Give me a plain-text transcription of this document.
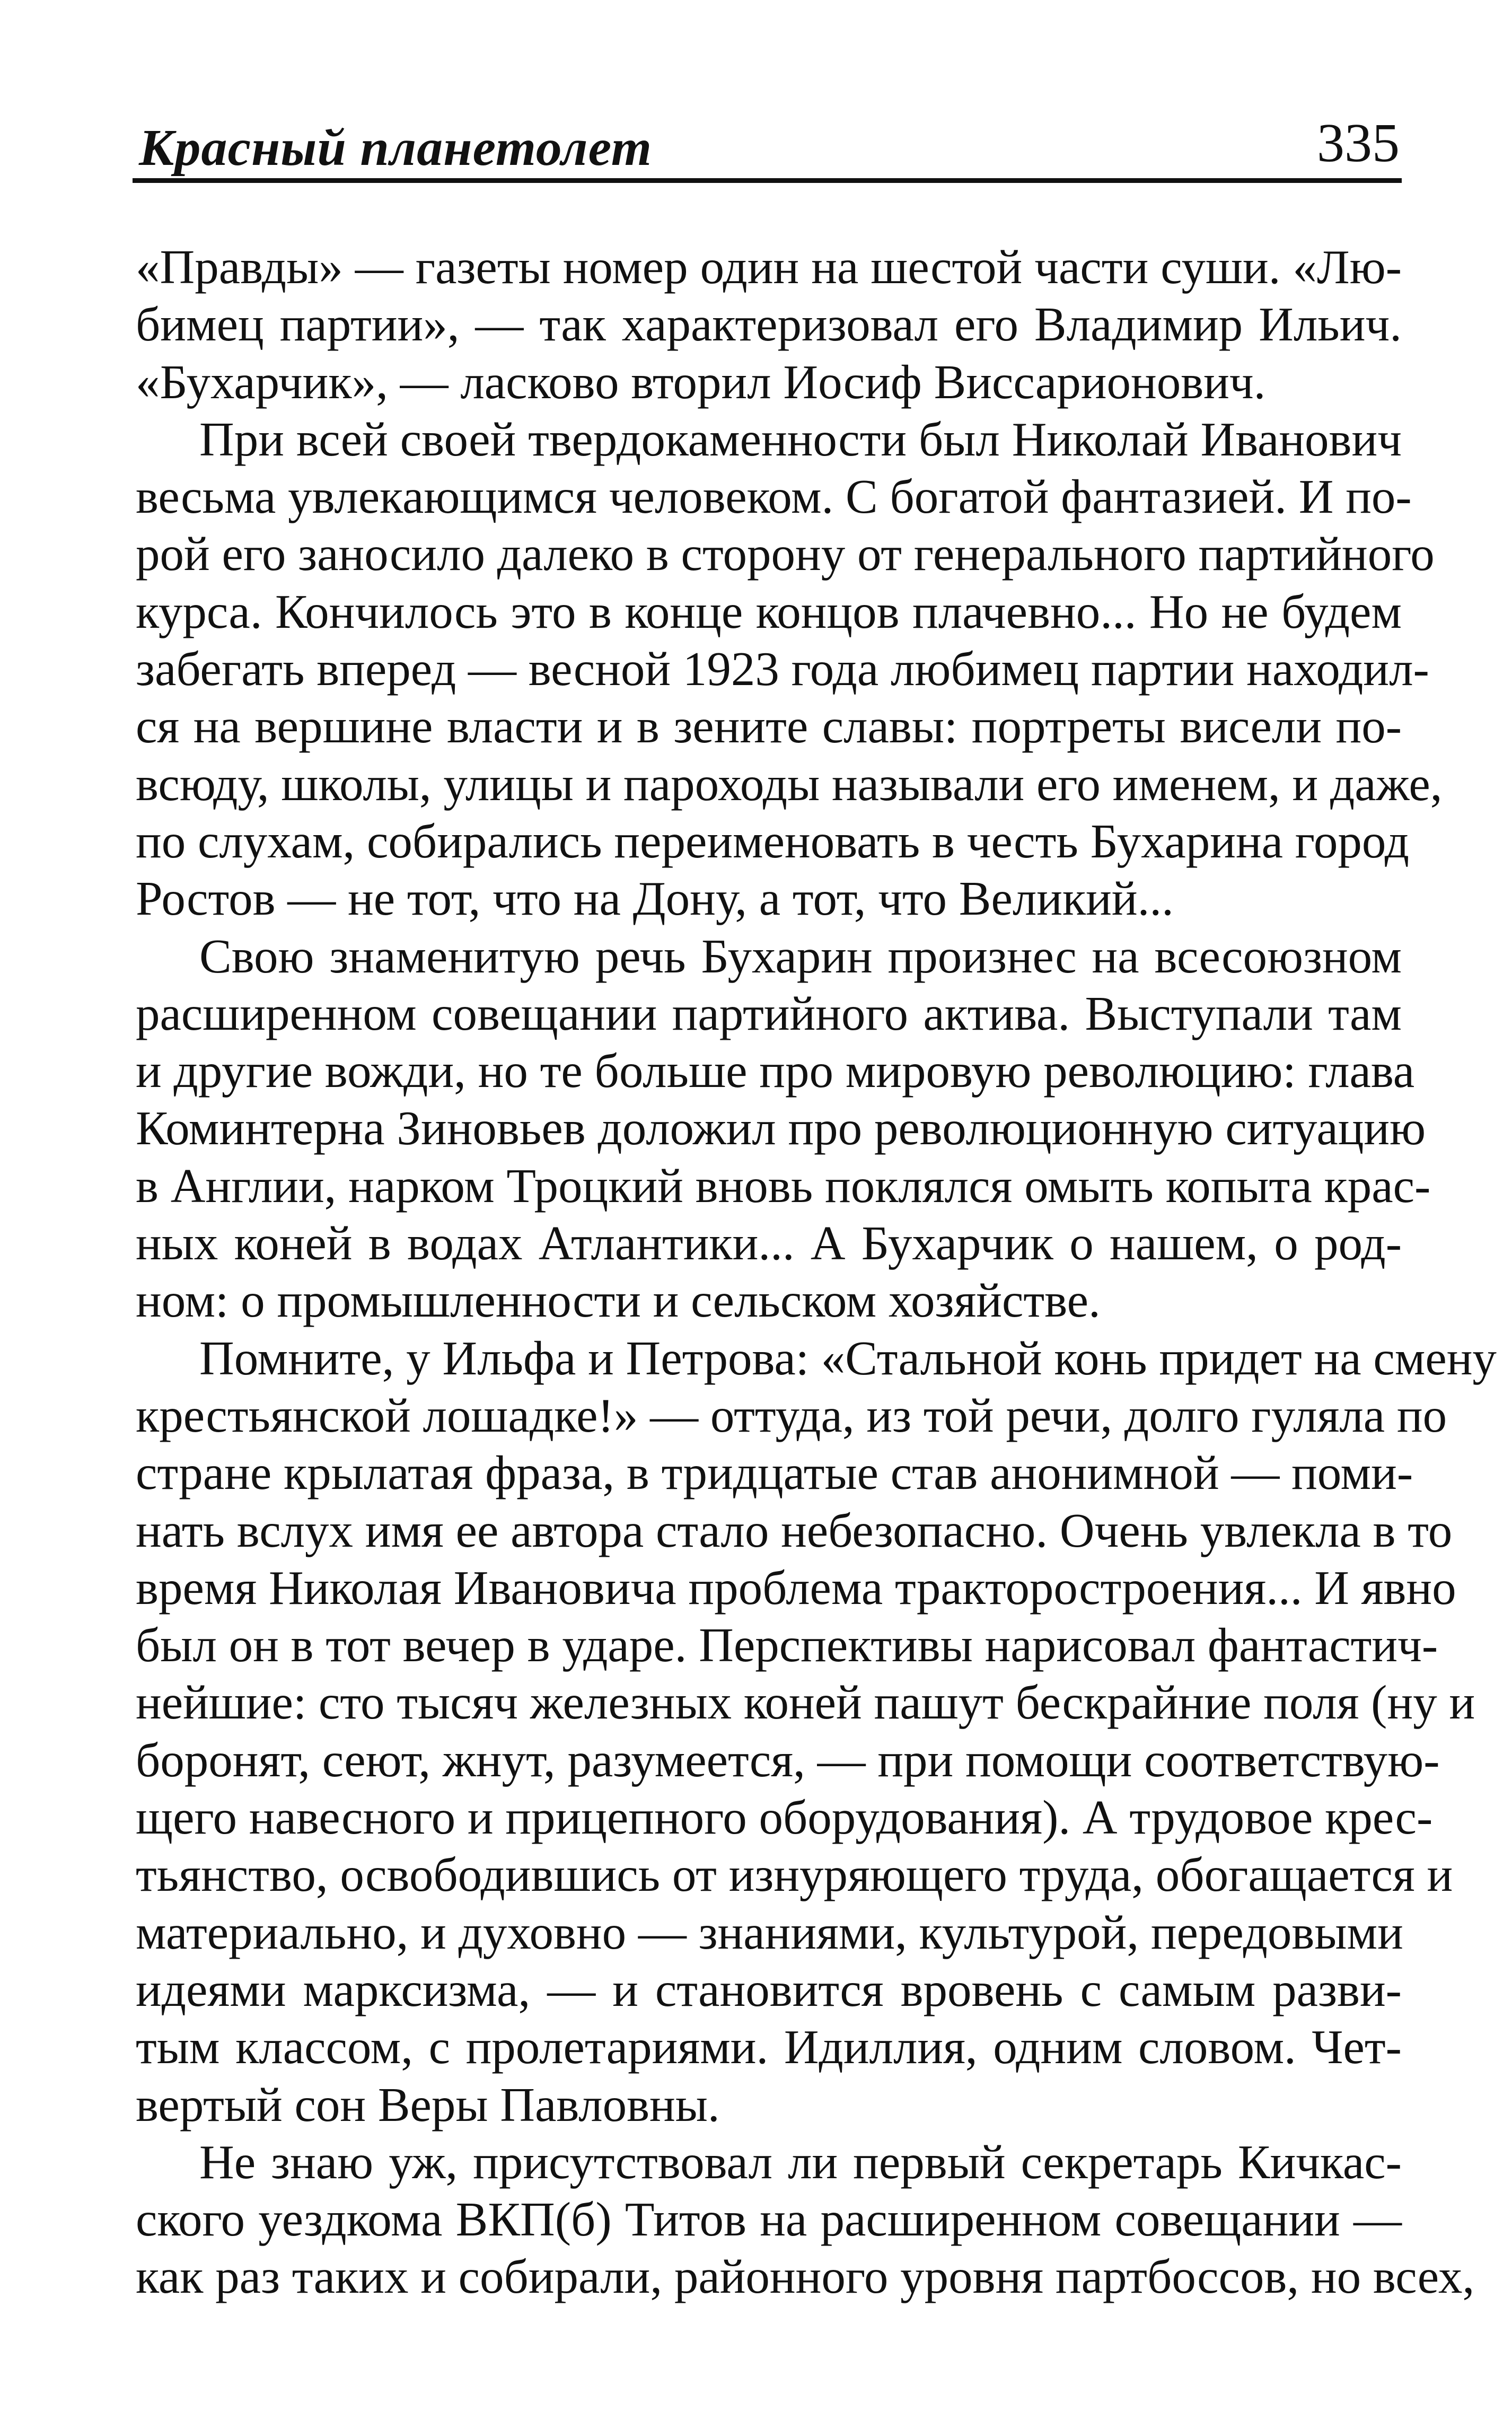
Красный планетолет	335

«Правды» — газеты номер один на шестой части суши. «Лю-
бимец партии», — так характеризовал его Владимир Ильич.
«Бухарчик», — ласково вторил Иосиф Виссарионович.

При всей своей твердокаменности был Николай Иванович
весьма увлекающимся человеком. С богатой фантазией. И по-
рой его заносило далеко в сторону от генерального партийного
курса. Кончилось это в конце концов плачевно... Но не будем
забегать вперед — весной 1923 года любимец партии находил-
ся на вершине власти и в зените славы: портреты висели по-
всюду, школы, улицы и пароходы называли его именем, и даже,
по слухам, собирались переименовать в честь Бухарина город
Ростов — не тот, что на Дону, а тот, что Великий...

Свою знаменитую речь Бухарин произнес на всесоюзном
расширенном совещании партийного актива. Выступали там
и другие вожди, но те больше про мировую революцию: глава
Коминтерна Зиновьев доложил про революционную ситуацию
в Англии, нарком Троцкий вновь поклялся омыть копыта крас-
ных коней в водах Атлантики... А Бухарчик о нашем, о род-
ном: о промышленности и сельском хозяйстве.

Помните, у Ильфа и Петрова: «Стальной конь придет на смену
крестьянской лошадке!» — оттуда, из той речи, долго гуляла по
стране крылатая фраза, в тридцатые став анонимной — поми-
нать вслух имя ее автора стало небезопасно. Очень увлекла в то
время Николая Ивановича проблема тракторостроения... И явно
был он в тот вечер в ударе. Перспективы нарисовал фантастич-
нейшие: сто тысяч железных коней пашут бескрайние поля (ну и
боронят, сеют, жнут, разумеется, — при помощи соответствую-
щего навесного и прицепного оборудования). А трудовое крес-
тьянство, освободившись от изнуряющего труда, обогащается и
материально, и духовно — знаниями, культурой, передовыми
идеями марксизма, — и становится вровень с самым разви-
тым классом, с пролетариями. Идиллия, одним словом. Чет-
вертый сон Веры Павловны.

Не знаю уж, присутствовал ли первый секретарь Кичкас-
ского уездкома ВКП(б) Титов на расширенном совещании —
как раз таких и собирали, районного уровня партбоссов, но всех,
